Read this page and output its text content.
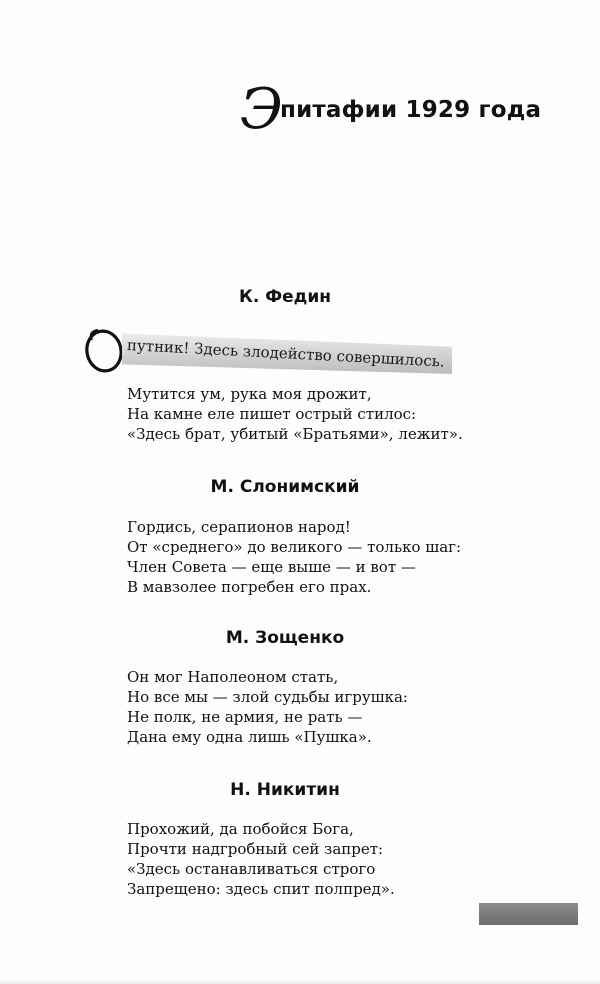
Э
питафии 1929 года
К. Федин
путник! Здесь злодейство совершилось.
Мутится ум, рука моя дрожит,
На камне еле пишет острый стилос:
«Здесь брат, убитый «Братьями», лежит».
М. Слонимский
Гордись, серапионов народ!
От «среднего» до великого — только шаг:
Член Совета — еще выше — и вот —
В мавзолее погребен его прах.
М. Зощенко
Он мог Наполеоном стать,
Но все мы — злой судьбы игрушка:
Не полк, не армия, не рать —
Дана ему одна лишь «Пушка».
Н. Никитин
Прохожий, да побойся Бога,
Прочти надгробный сей запрет:
«Здесь останавливаться строго
Запрещено: здесь спит полпред».
